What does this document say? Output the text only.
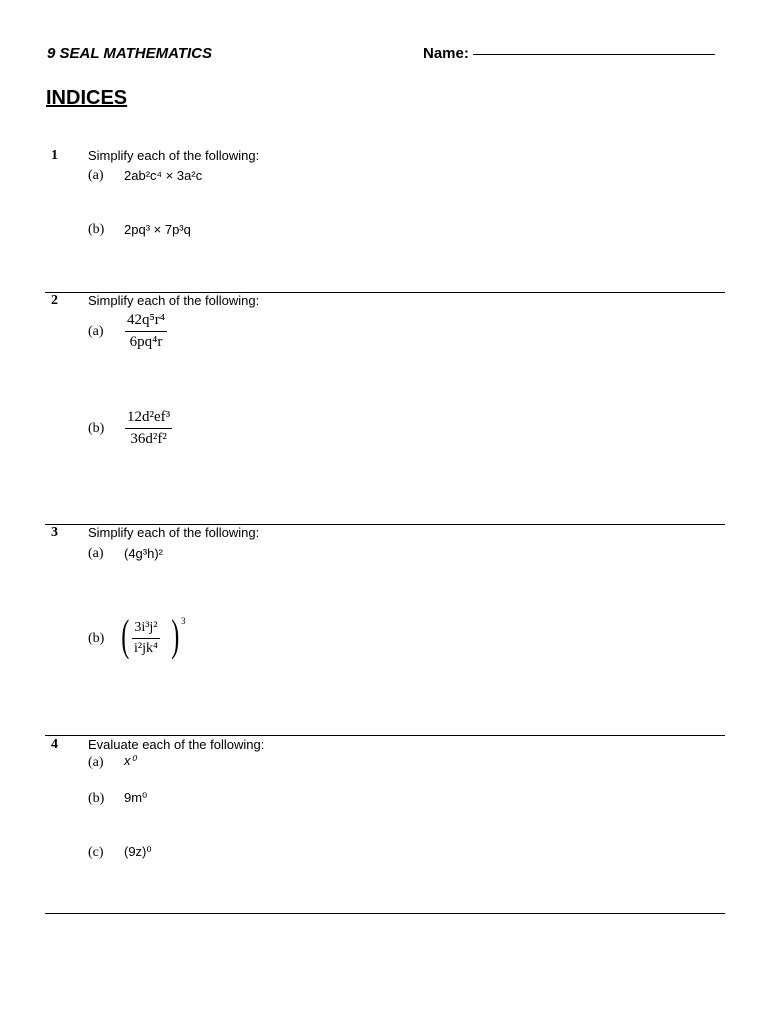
9 SEAL MATHEMATICS	Name:
INDICES
1 Simplify each of the following:
(a) 2ab²c⁴ × 3a²c
(b) 2pq³ × 7p³q
2 Simplify each of the following:
$(a) \frac{\text{42q⁵r⁴}}{\text{6pq⁴r}}$
$(b) \frac{\text{12d²ef³}}{\text{36d²f²}}$
3 Simplify each of the following:
(a) (4g³h)²
(b) ( $\frac{\text{3i³j²}}{\text{i²jk⁴}}$ ) 3
4 Evaluate each of the following:
(a) x⁰
(b) 9m⁰
(c) (9z)⁰
